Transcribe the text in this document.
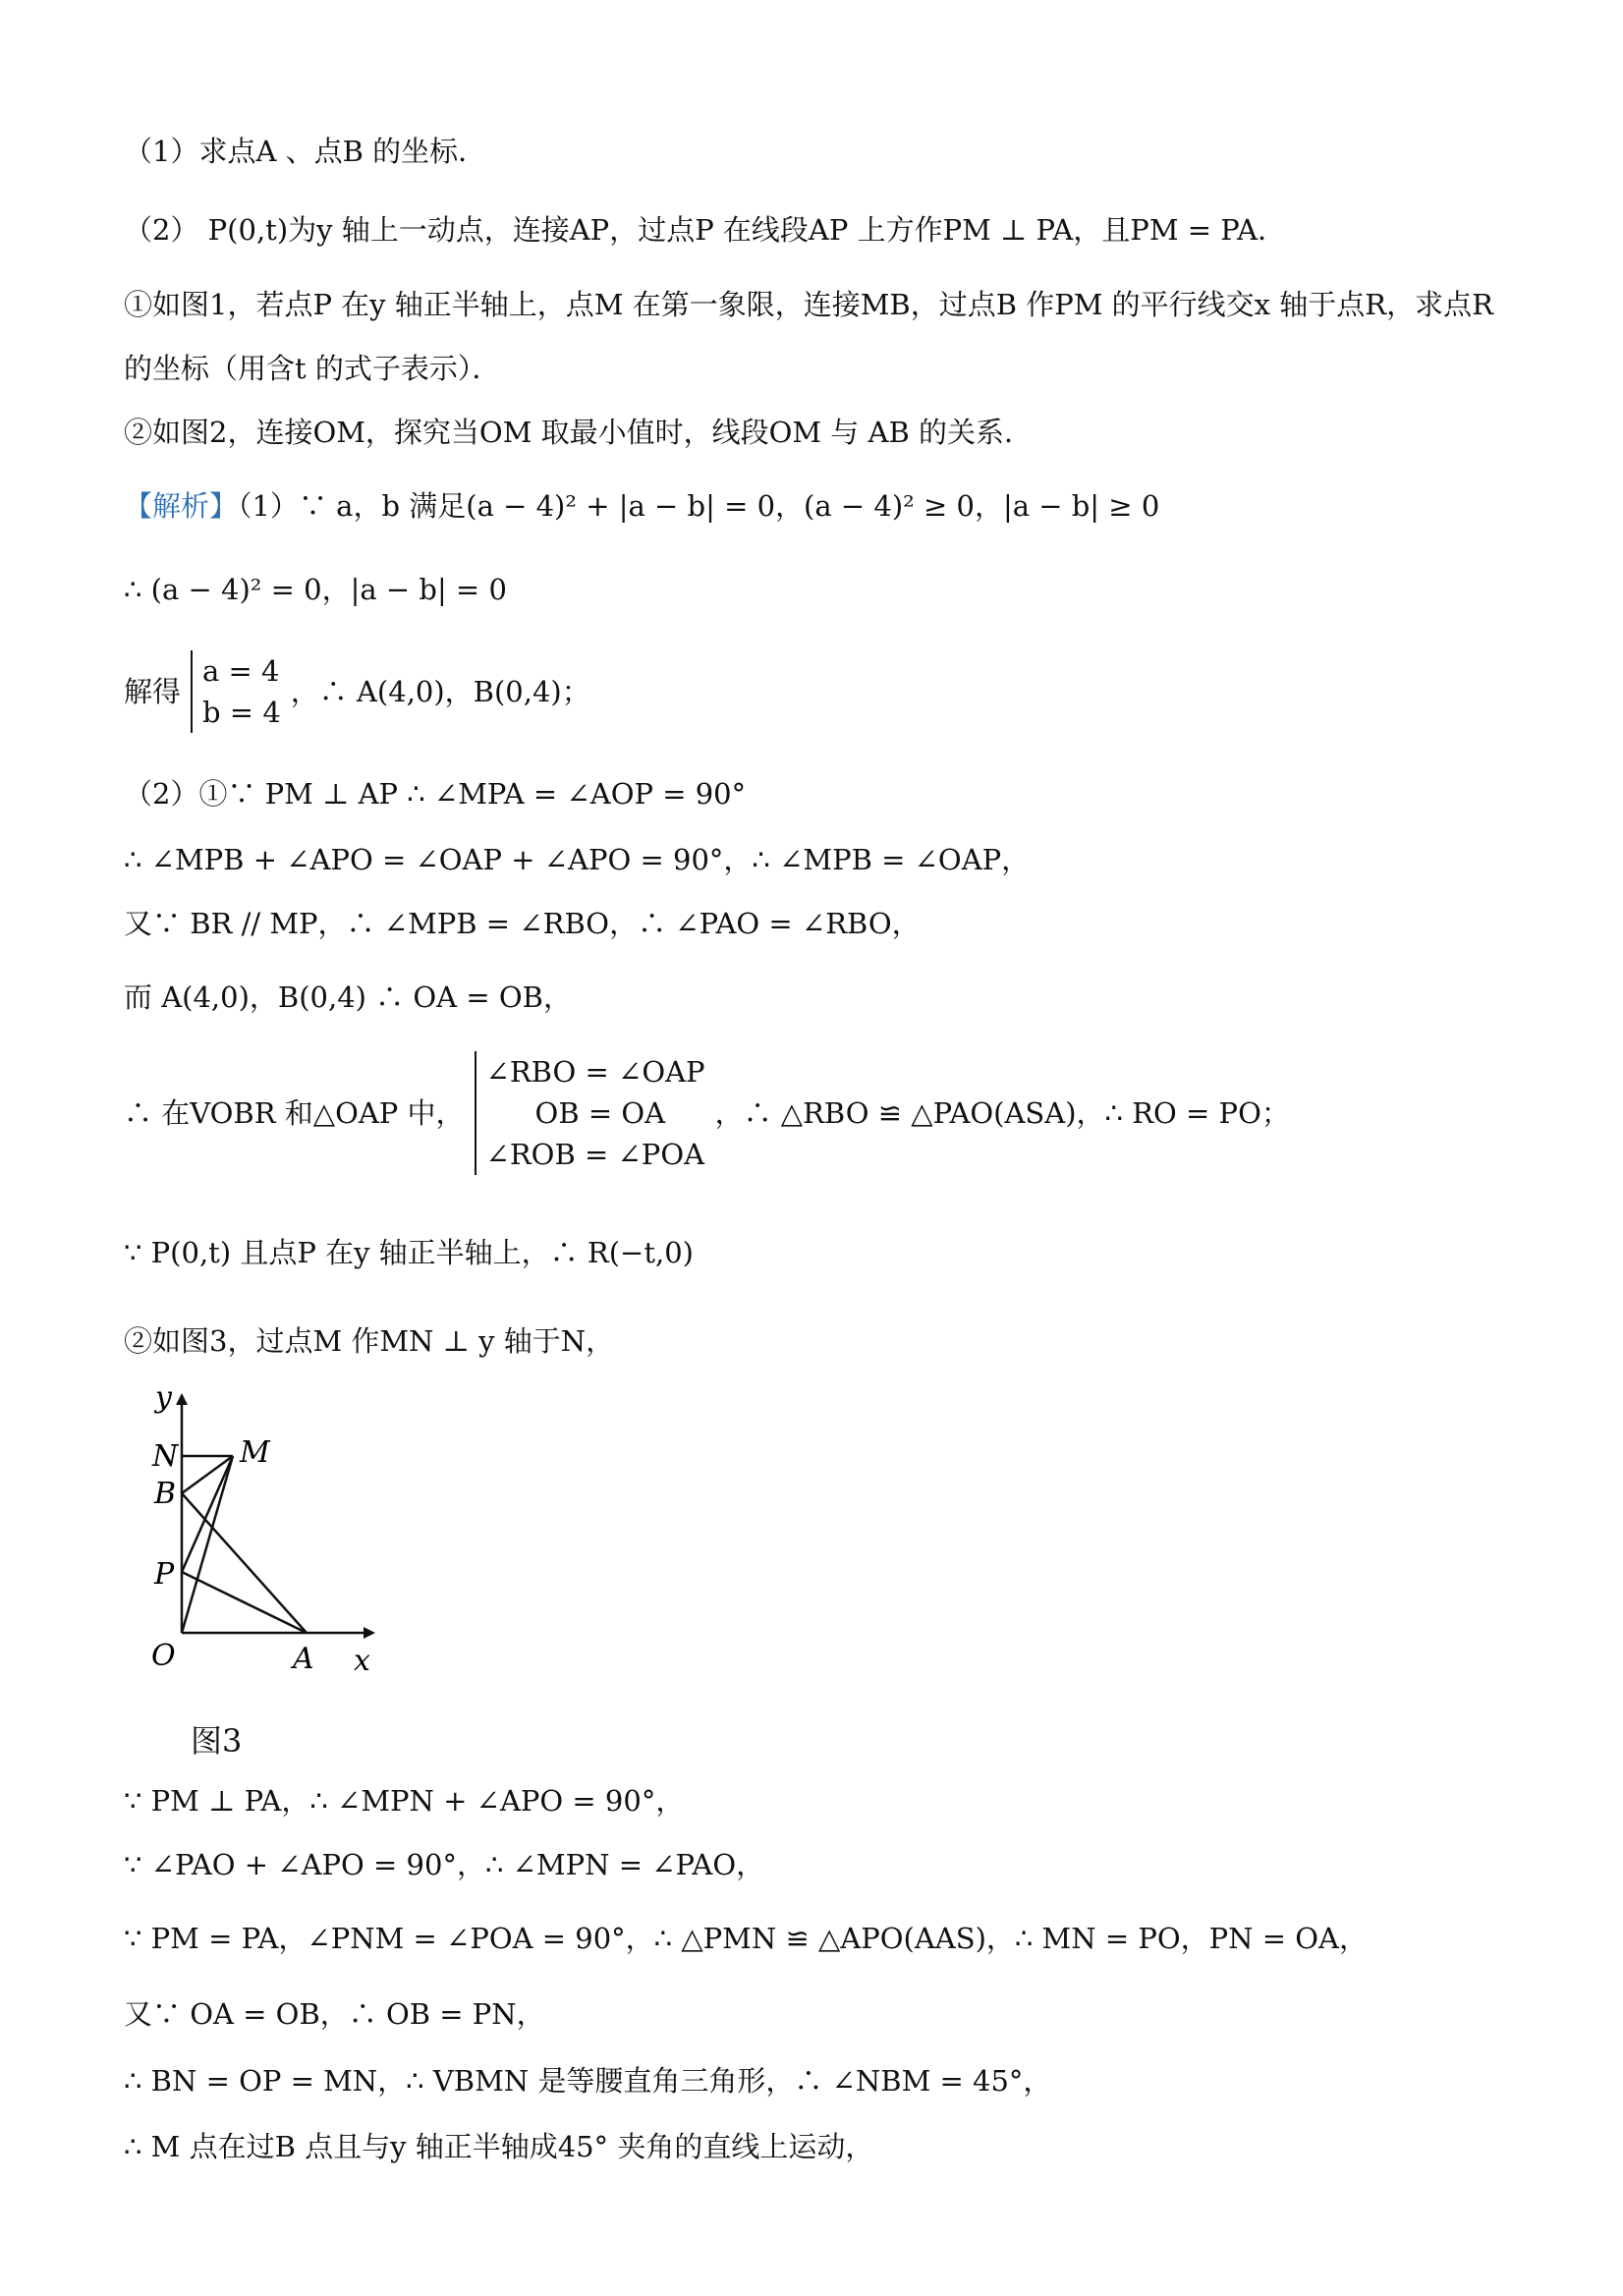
（1）求点A 、点B 的坐标．
（2） P(0,t)为y 轴上一动点，连接AP，过点P 在线段AP 上方作PM ⊥ PA，且PM = PA．
①如图1，若点P 在y 轴正半轴上，点M 在第一象限，连接MB，过点B 作PM 的平行线交x 轴于点R，求点R
的坐标（用含t 的式子表示）．
②如图2，连接OM，探究当OM 取最小值时，线段OM 与 AB 的关系．
【解析】（1）∵ a，b 满足(a − 4)² + |a − b| = 0，(a − 4)² ≥ 0，|a − b| ≥ 0
∴ (a − 4)² = 0，|a − b| = 0
解得
a = 4
b = 4
，∴ A(4,0)，B(0,4)；
（2）①∵ PM ⊥ AP ∴ ∠MPA = ∠AOP = 90°
∴ ∠MPB + ∠APO = ∠OAP + ∠APO = 90°，∴ ∠MPB = ∠OAP，
又∵ BR // MP，∴ ∠MPB = ∠RBO，∴ ∠PAO = ∠RBO，
而 A(4,0)，B(0,4) ∴ OA = OB，
∴ 在VOBR 和△OAP 中，
∠RBO = ∠OAP
OB = OA
∠ROB = ∠POA
，∴ △RBO ≌ △PAO(ASA)，∴ RO = PO；
∵ P(0,t) 且点P 在y 轴正半轴上，∴ R(−t,0)
②如图3，过点M 作MN ⊥ y 轴于N，
y
x
N M
B
P
O	A
图3
∵ PM ⊥ PA，∴ ∠MPN + ∠APO = 90°，
∵ ∠PAO + ∠APO = 90°，∴ ∠MPN = ∠PAO，
∵ PM = PA，∠PNM = ∠POA = 90°，∴ △PMN ≌ △APO(AAS)，∴ MN = PO，PN = OA，
又∵ OA = OB，∴ OB = PN，
∴ BN = OP = MN，∴ VBMN 是等腰直角三角形，∴ ∠NBM = 45°，
∴ M 点在过B 点且与y 轴正半轴成45° 夹角的直线上运动，
